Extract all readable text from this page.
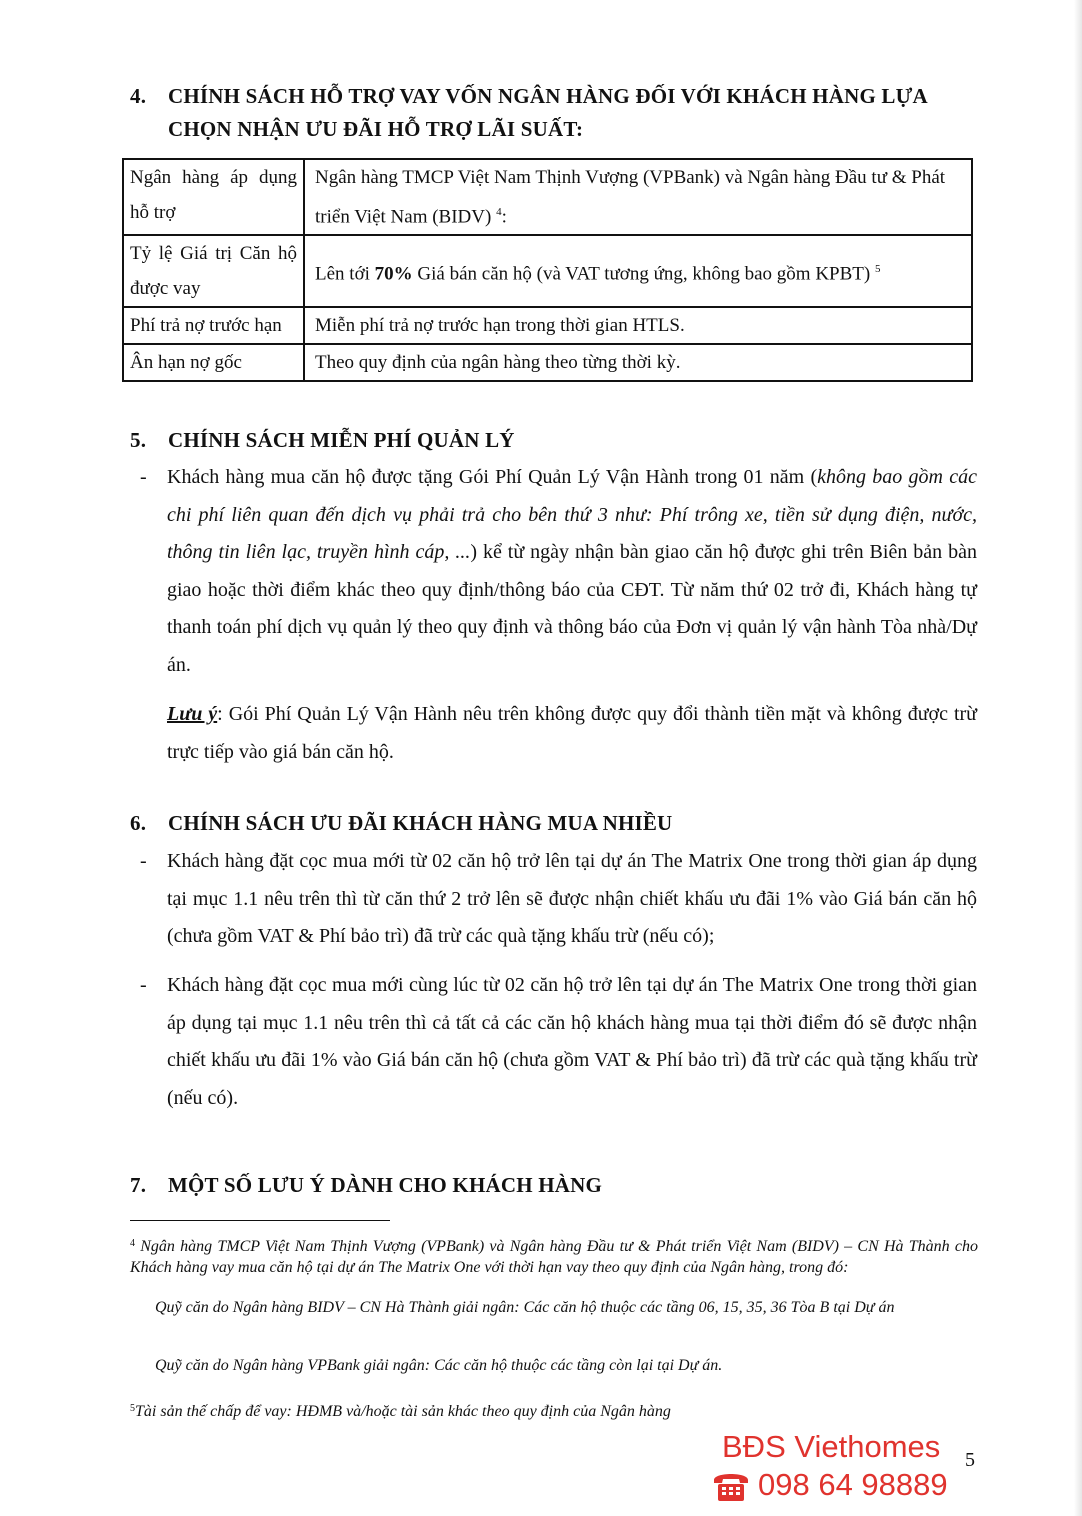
4. CHÍNH SÁCH HỖ TRỢ VAY VỐN NGÂN HÀNG ĐỐI VỚI KHÁCH HÀNG LỰA
CHỌN NHẬN ƯU ĐÃI HỖ TRỢ LÃI SUẤT:
Ngân hàng áp dụng hỗ trợ	Ngân hàng TMCP Việt Nam Thịnh Vượng (VPBank) và Ngân hàng Đầu tư & Phát triển Việt Nam (BIDV) $^4$:
Tỷ lệ Giá trị Căn hộ được vay	Lên tới 70% Giá bán căn hộ (và VAT tương ứng, không bao gồm KPBT) $^5$
Phí trả nợ trước hạn	Miễn phí trả nợ trước hạn trong thời gian HTLS.
Ân hạn nợ gốc	Theo quy định của ngân hàng theo từng thời kỳ.
5. CHÍNH SÁCH MIỄN PHÍ QUẢN LÝ
- Khách hàng mua căn hộ được tặng Gói Phí Quản Lý Vận Hành trong 01 năm (không bao gồm các chi phí liên quan đến dịch vụ phải trả cho bên thứ 3 như: Phí trông xe, tiền sử dụng điện, nước, thông tin liên lạc, truyền hình cáp, ...) kể từ ngày nhận bàn giao căn hộ được ghi trên Biên bản bàn giao hoặc thời điểm khác theo quy định/thông báo của CĐT. Từ năm thứ 02 trở đi, Khách hàng tự thanh toán phí dịch vụ quản lý theo quy định và thông báo của Đơn vị quản lý vận hành Tòa nhà/Dự án.
Lưu ý: Gói Phí Quản Lý Vận Hành nêu trên không được quy đổi thành tiền mặt và không được trừ trực tiếp vào giá bán căn hộ.
6. CHÍNH SÁCH ƯU ĐÃI KHÁCH HÀNG MUA NHIỀU
- Khách hàng đặt cọc mua mới từ 02 căn hộ trở lên tại dự án The Matrix One trong thời gian áp dụng tại mục 1.1 nêu trên thì từ căn thứ 2 trở lên sẽ được nhận chiết khấu ưu đãi 1% vào Giá bán căn hộ (chưa gồm VAT & Phí bảo trì) đã trừ các quà tặng khấu trừ (nếu có);
- Khách hàng đặt cọc mua mới cùng lúc từ 02 căn hộ trở lên tại dự án The Matrix One trong thời gian áp dụng tại mục 1.1 nêu trên thì cả tất cả các căn hộ khách hàng mua tại thời điểm đó sẽ được nhận chiết khấu ưu đãi 1% vào Giá bán căn hộ (chưa gồm VAT & Phí bảo trì) đã trừ các quà tặng khấu trừ (nếu có).
7. MỘT SỐ LƯU Ý DÀNH CHO KHÁCH HÀNG
$^4$ Ngân hàng TMCP Việt Nam Thịnh Vượng (VPBank) và Ngân hàng Đầu tư & Phát triển Việt Nam (BIDV) – CN Hà Thành cho Khách hàng vay mua căn hộ tại dự án The Matrix One với thời hạn vay theo quy định của Ngân hàng, trong đó:
Quỹ căn do Ngân hàng BIDV – CN Hà Thành giải ngân: Các căn hộ thuộc các tầng 06, 15, 35, 36 Tòa B tại Dự án
Quỹ căn do Ngân hàng VPBank giải ngân: Các căn hộ thuộc các tầng còn lại tại Dự án.
$^5$Tài sản thế chấp để vay: HĐMB và/hoặc tài sản khác theo quy định của Ngân hàng
5
BĐS Viethomes
098 64 98889
